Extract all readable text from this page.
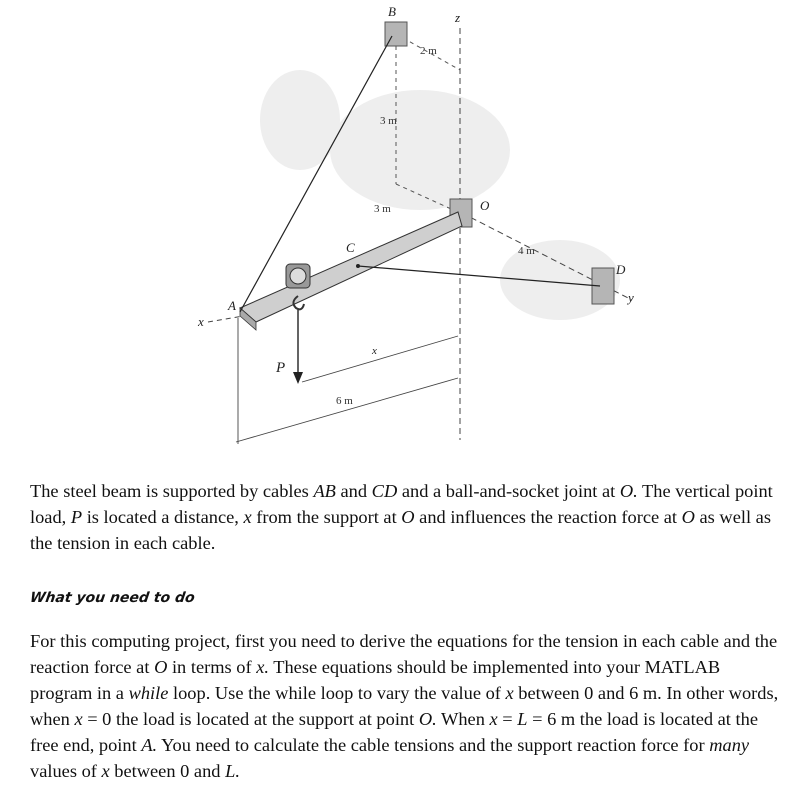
B	z
O
C
A
D
x
y
P
2 m
3 m
3 m
4 m
x
6 m

The steel beam is supported by cables AB and CD and a ball-and-socket joint at O. The vertical point load, P is located a distance, x from the support at O and influences the reaction force at O as well as the tension in each cable.

What you need to do

For this computing project, first you need to derive the equations for the tension in each cable and the reaction force at O in terms of x. These equations should be implemented into your MATLAB program in a while loop. Use the while loop to vary the value of x between 0 and 6 m. In other words, when x = 0 the load is located at the support at point O. When x = L = 6 m the load is located at the free end, point A. You need to calculate the cable tensions and the support reaction force for many values of x between 0 and L.
